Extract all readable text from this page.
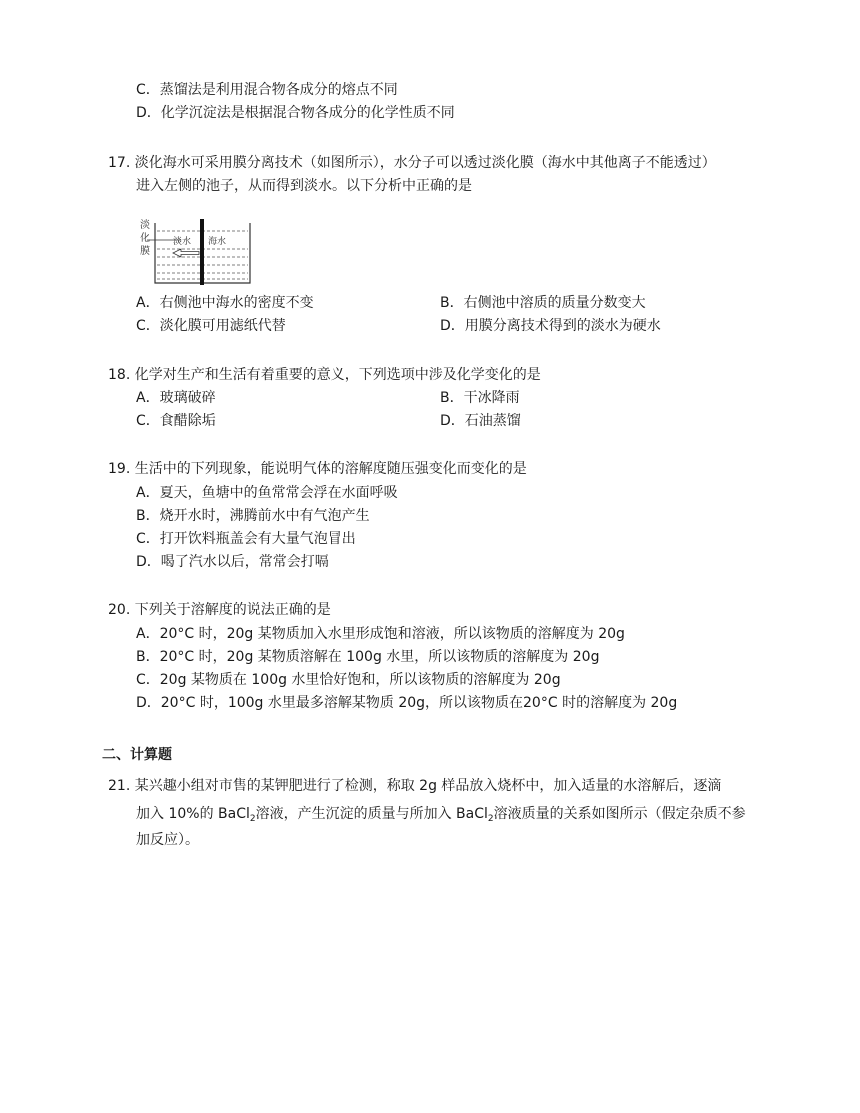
C．蒸馏法是利用混合物各成分的熔点不同
D．化学沉淀法是根据混合物各成分的化学性质不同
17. 淡化海水可采用膜分离技术（如图所示），水分子可以透过淡化膜（海水中其他离子不能透过）
进入左侧的池子，从而得到淡水。以下分析中正确的是
淡
化
膜
淡水 海水
A．右侧池中海水的密度不变	B．右侧池中溶质的质量分数变大
C．淡化膜可用滤纸代替	D．用膜分离技术得到的淡水为硬水
18. 化学对生产和生活有着重要的意义，下列选项中涉及化学变化的是
A．玻璃破碎	B．干冰降雨
C．食醋除垢	D．石油蒸馏
19. 生活中的下列现象，能说明气体的溶解度随压强变化而变化的是
A．夏天，鱼塘中的鱼常常会浮在水面呼吸
B．烧开水时，沸腾前水中有气泡产生
C．打开饮料瓶盖会有大量气泡冒出
D．喝了汽水以后，常常会打嗝
20. 下列关于溶解度的说法正确的是
A．20°C 时，20g 某物质加入水里形成饱和溶液，所以该物质的溶解度为 20g
B．20°C 时，20g 某物质溶解在 100g 水里，所以该物质的溶解度为 20g
C．20g 某物质在 100g 水里恰好饱和，所以该物质的溶解度为 20g
D．20°C 时，100g 水里最多溶解某物质 20g，所以该物质在20°C 时的溶解度为 20g
二、计算题
21. 某兴趣小组对市售的某钾肥进行了检测，称取 2g 样品放入烧杯中，加入适量的水溶解后，逐滴
加入 10%的 BaCl$_2$溶液，产生沉淀的质量与所加入 BaCl$_2$溶液质量的关系如图所示（假定杂质不参
加反应）。
